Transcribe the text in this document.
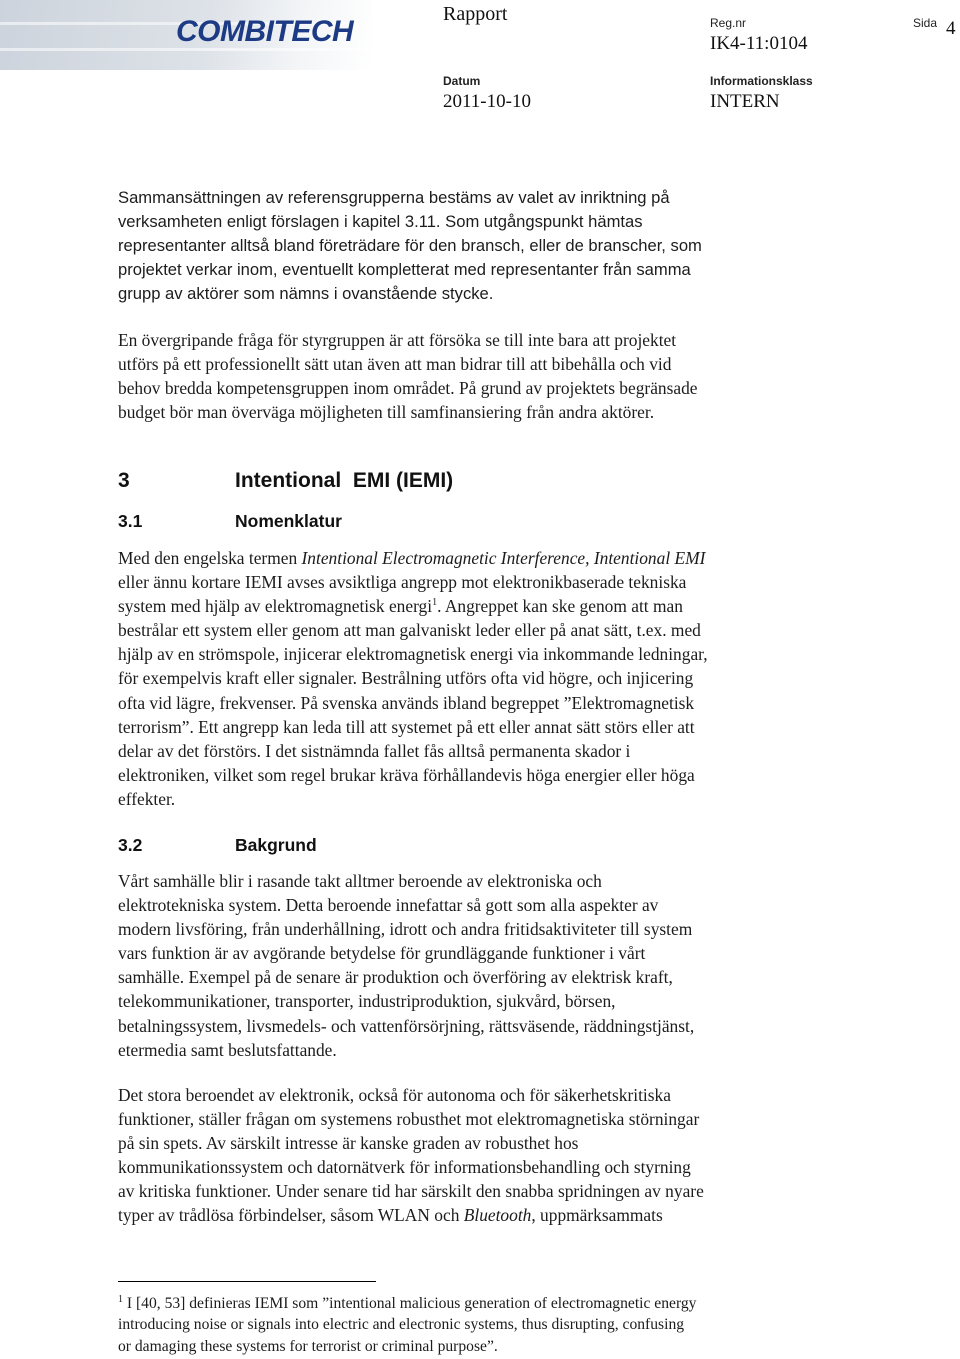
COMBITECH
Rapport	Reg.nr
IK4-11:0104
Sida 4
Datum
2011-10-10
Informationsklass
INTERN
Sammansättningen av referensgrupperna bestäms av valet av inriktning på
verksamheten enligt förslagen i kapitel 3.11. Som utgångspunkt hämtas
representanter alltså bland företrädare för den bransch, eller de branscher, som
projektet verkar inom, eventuellt kompletterat med representanter från samma
grupp av aktörer som nämns i ovanstående stycke.
En övergripande fråga för styrgruppen är att försöka se till inte bara att projektet
utförs på ett professionellt sätt utan även att man bidrar till att bibehålla och vid
behov bredda kompetensgruppen inom området. På grund av projektets begränsade
budget bör man överväga möjligheten till samfinansiering från andra aktörer.
3	Intentional  EMI (IEMI)
3.1	Nomenklatur
Med den engelska termen Intentional Electromagnetic Interference, Intentional EMI
eller ännu kortare IEMI avses avsiktliga angrepp mot elektronikbaserade tekniska
system med hjälp av elektromagnetisk energi$^1$. Angreppet kan ske genom att man
bestrålar ett system eller genom att man galvaniskt leder eller på anat sätt, t.ex. med
hjälp av en strömspole, injicerar elektromagnetisk energi via inkommande ledningar,
för exempelvis kraft eller signaler. Bestrålning utförs ofta vid högre, och injicering
ofta vid lägre, frekvenser. På svenska används ibland begreppet ”Elektromagnetisk
terrorism”. Ett angrepp kan leda till att systemet på ett eller annat sätt störs eller att
delar av det förstörs. I det sistnämnda fallet fås alltså permanenta skador i
elektroniken, vilket som regel brukar kräva förhållandevis höga energier eller höga
effekter.
3.2	Bakgrund
Vårt samhälle blir i rasande takt alltmer beroende av elektroniska och
elektrotekniska system. Detta beroende innefattar så gott som alla aspekter av
modern livsföring, från underhållning, idrott och andra fritidsaktiviteter till system
vars funktion är av avgörande betydelse för grundläggande funktioner i vårt
samhälle. Exempel på de senare är produktion och överföring av elektrisk kraft,
telekommunikationer, transporter, industriproduktion, sjukvård, börsen,
betalningssystem, livsmedels- och vattenförsörjning, rättsväsende, räddningstjänst,
etermedia samt beslutsfattande.
Det stora beroendet av elektronik, också för autonoma och för säkerhetskritiska
funktioner, ställer frågan om systemens robusthet mot elektromagnetiska störningar
på sin spets. Av särskilt intresse är kanske graden av robusthet hos
kommunikationssystem och datornätverk för informationsbehandling och styrning
av kritiska funktioner. Under senare tid har särskilt den snabba spridningen av nyare
typer av trådlösa förbindelser, såsom WLAN och Bluetooth, uppmärksammats
$^1$ I [40, 53] definieras IEMI som ”intentional malicious generation of electromagnetic energy
introducing noise or signals into electric and electronic systems, thus disrupting, confusing
or damaging these systems for terrorist or criminal purpose”.
